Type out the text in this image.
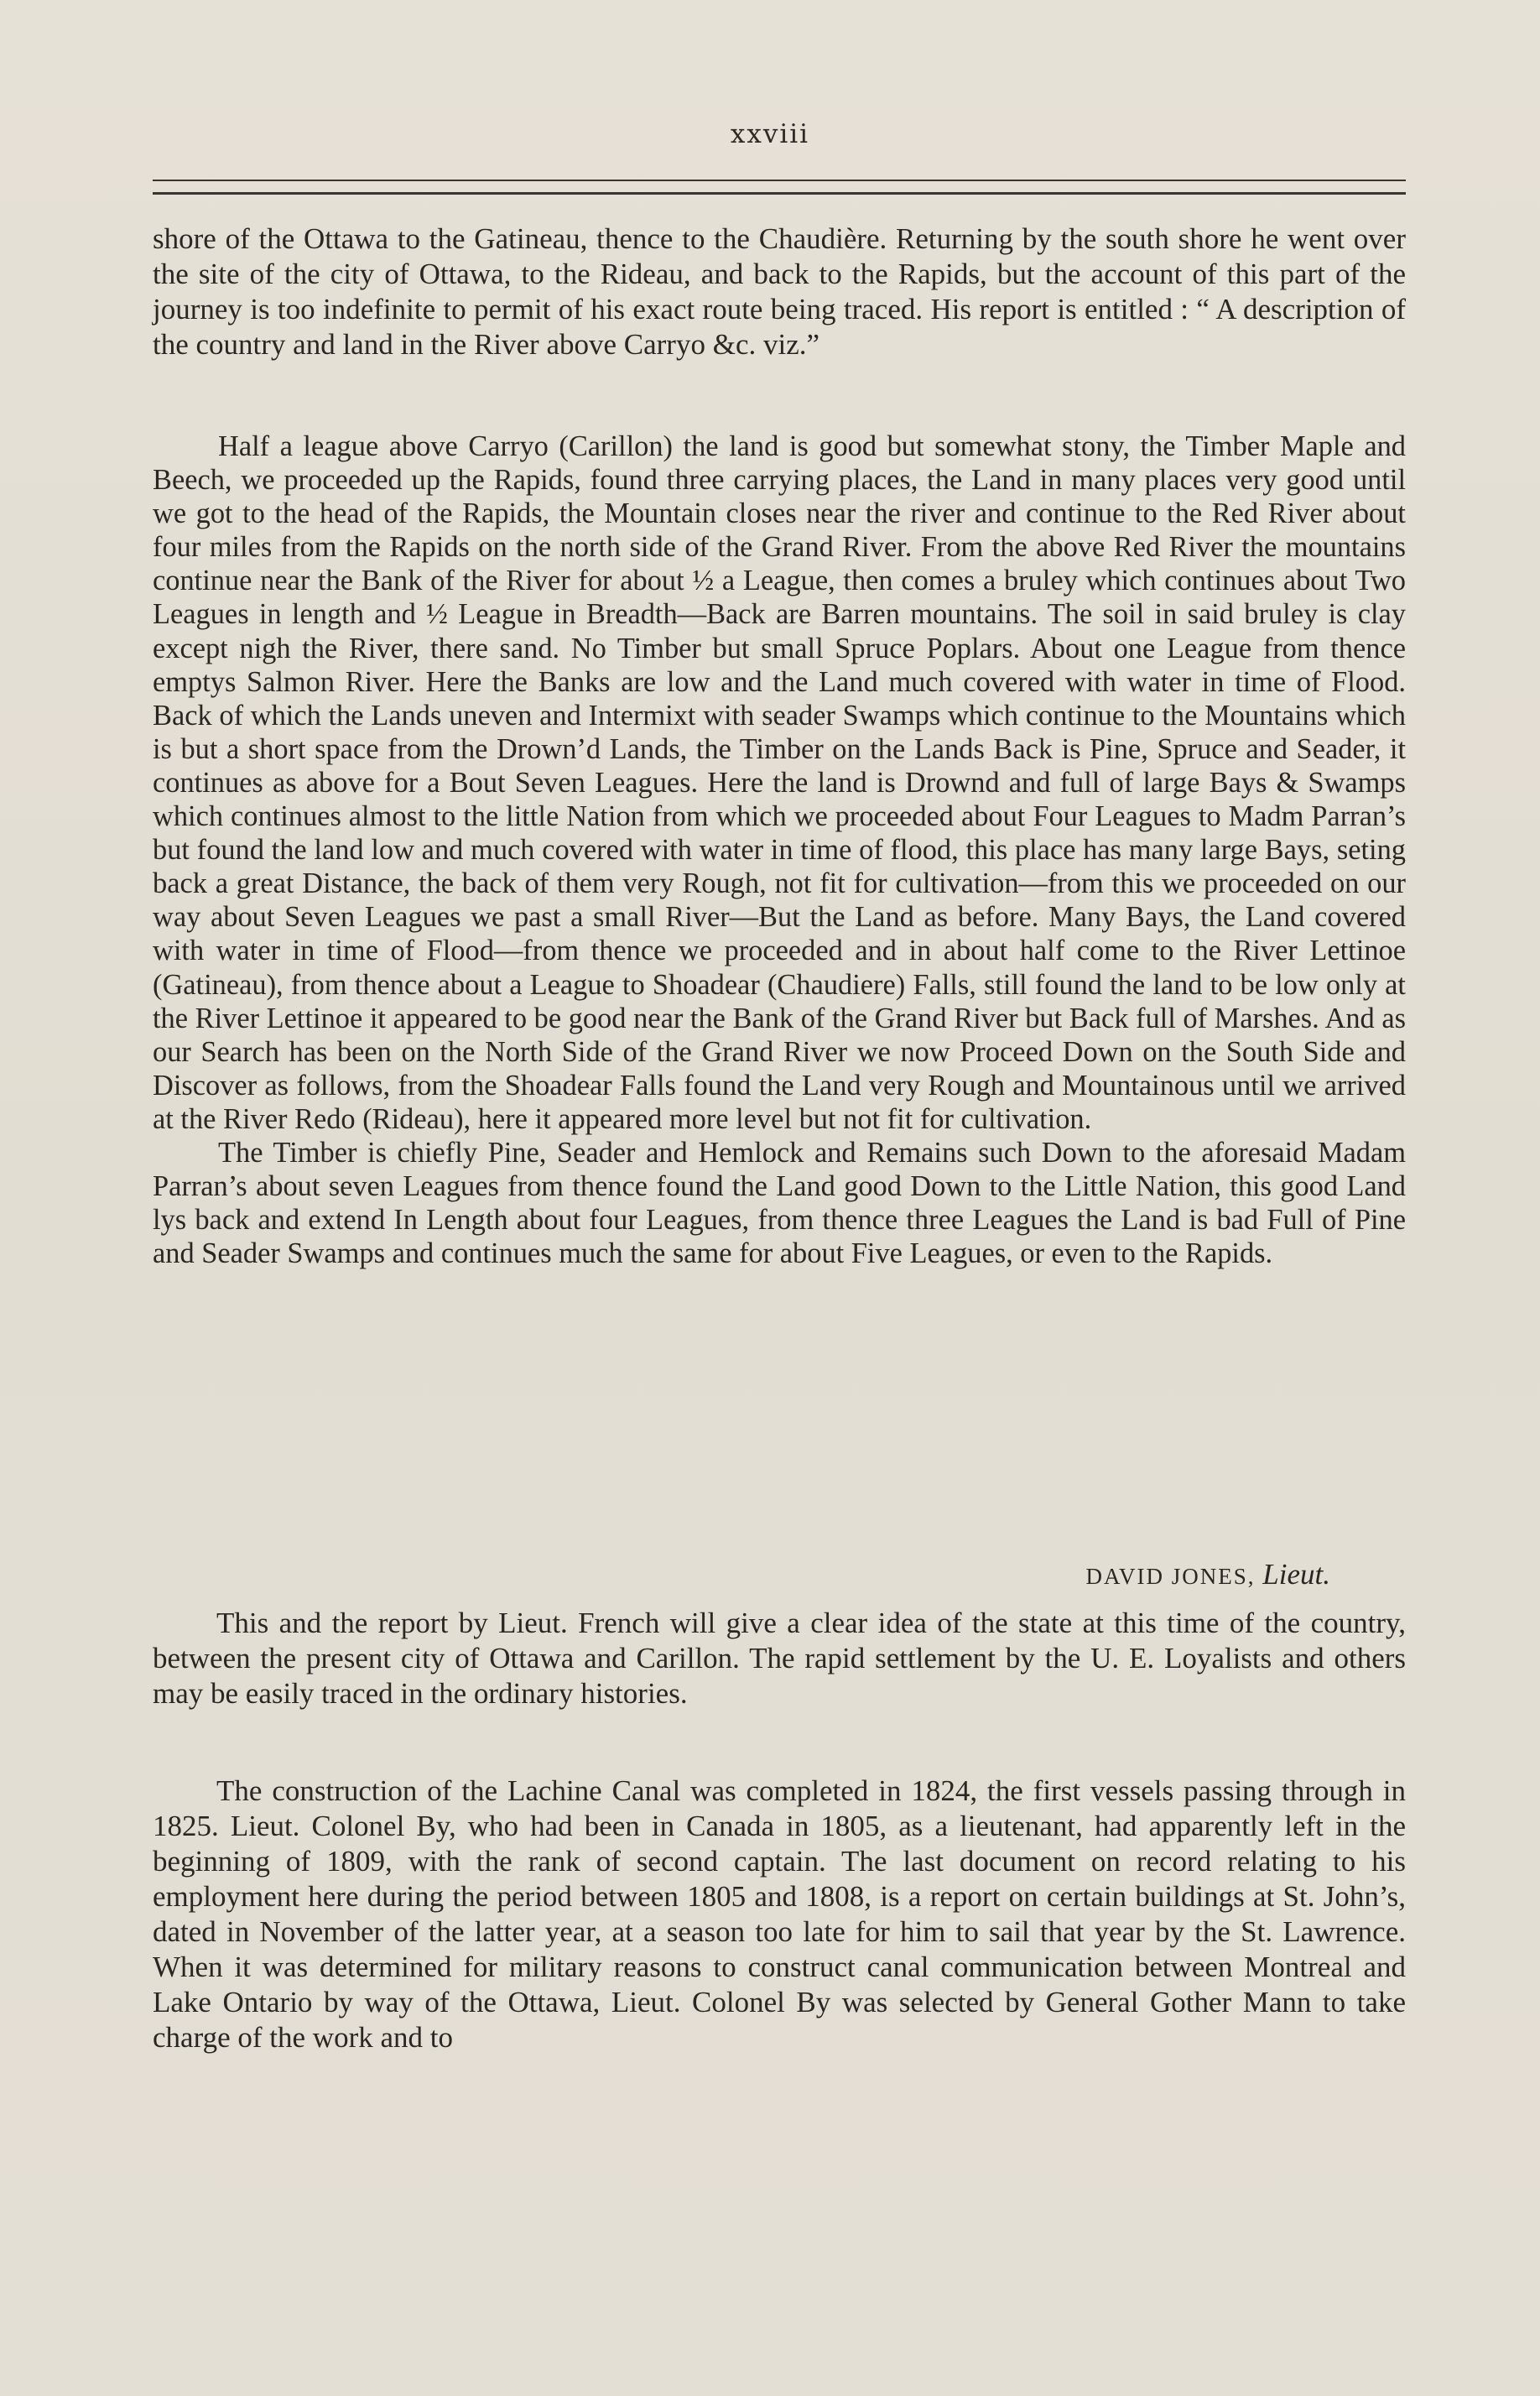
xxviii

shore of the Ottawa to the Gatineau, thence to the Chaudière. Returning by the south shore he went over the site of the city of Ottawa, to the Rideau, and back to the Rapids, but the account of this part of the journey is too indefinite to permit of his exact route being traced. His report is entitled : “ A description of the country and land in the River above Carryo &c. viz.”

Half a league above Carryo (Carillon) the land is good but somewhat stony, the Timber Maple and Beech, we proceeded up the Rapids, found three carrying places, the Land in many places very good until we got to the head of the Rapids, the Mountain closes near the river and continue to the Red River about four miles from the Rapids on the north side of the Grand River. From the above Red River the mountains continue near the Bank of the River for about ½ a League, then comes a bruley which continues about Two Leagues in length and ½ League in Breadth—Back are Barren mountains. The soil in said bruley is clay except nigh the River, there sand. No Timber but small Spruce Poplars. About one League from thence emptys Salmon River. Here the Banks are low and the Land much covered with water in time of Flood. Back of which the Lands uneven and Intermixt with seader Swamps which continue to the Mountains which is but a short space from the Drown’d Lands, the Timber on the Lands Back is Pine, Spruce and Seader, it continues as above for a Bout Seven Leagues. Here the land is Drownd and full of large Bays & Swamps which continues almost to the little Nation from which we proceeded about Four Leagues to Madm Parran’s but found the land low and much covered with water in time of flood, this place has many large Bays, seting back a great Distance, the back of them very Rough, not fit for cultivation—from this we proceeded on our way about Seven Leagues we past a small River—But the Land as before. Many Bays, the Land covered with water in time of Flood—from thence we proceeded and in about half come to the River Lettinoe (Gatineau), from thence about a League to Shoadear (Chaudiere) Falls, still found the land to be low only at the River Lettinoe it appeared to be good near the Bank of the Grand River but Back full of Marshes. And as our Search has been on the North Side of the Grand River we now Proceed Down on the South Side and Discover as follows, from the Shoadear Falls found the Land very Rough and Mountainous until we arrived at the River Redo (Rideau), here it appeared more level but not fit for cultivation.

The Timber is chiefly Pine, Seader and Hemlock and Remains such Down to the aforesaid Madam Parran’s about seven Leagues from thence found the Land good Down to the Little Nation, this good Land lys back and extend In Length about four Leagues, from thence three Leagues the Land is bad Full of Pine and Seader Swamps and continues much the same for about Five Leagues, or even to the Rapids.

DAVID JONES, Lieut.

This and the report by Lieut. French will give a clear idea of the state at this time of the country, between the present city of Ottawa and Carillon. The rapid settlement by the U. E. Loyalists and others may be easily traced in the ordinary histories.

The construction of the Lachine Canal was completed in 1824, the first vessels passing through in 1825. Lieut. Colonel By, who had been in Canada in 1805, as a lieutenant, had apparently left in the beginning of 1809, with the rank of second captain. The last document on record relating to his employment here during the period between 1805 and 1808, is a report on certain buildings at St. John’s, dated in November of the latter year, at a season too late for him to sail that year by the St. Lawrence. When it was determined for military reasons to construct canal communication between Montreal and Lake Ontario by way of the Ottawa, Lieut. Colonel By was selected by General Gother Mann to take charge of the work and to
